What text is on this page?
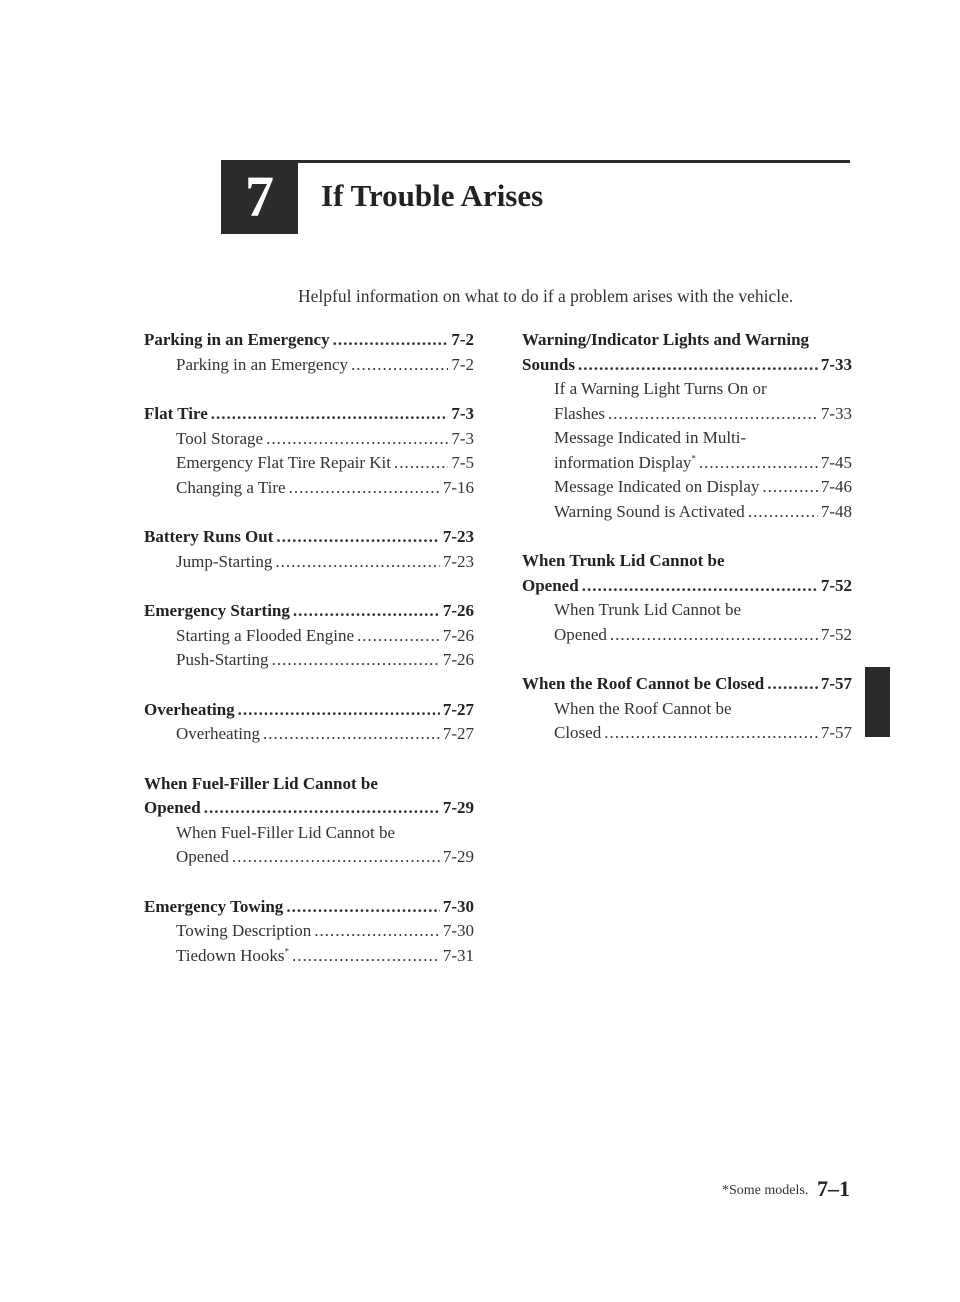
7 If Trouble Arises
Helpful information on what to do if a problem arises with the vehicle.
Parking in an Emergency .....	7-2
Parking in an Emergency .....	7-2
Flat Tire .....	7-3
Tool Storage .....	7-3
Emergency Flat Tire Repair Kit .....	7-5
Changing a Tire .....	7-16
Battery Runs Out .....	7-23
Jump-Starting .....	7-23
Emergency Starting .....	7-26
Starting a Flooded Engine .....	7-26
Push-Starting .....	7-26
Overheating .....	7-27
Overheating .....	7-27
When Fuel-Filler Lid Cannot be
Opened .....	7-29
When Fuel-Filler Lid Cannot be
Opened .....	7-29
Emergency Towing .....	7-30
Towing Description .....	7-30
Tiedown Hooks* .....	7-31
Warning/Indicator Lights and Warning
Sounds .....	7-33
If a Warning Light Turns On or
Flashes .....	7-33
Message Indicated in Multi-
information Display* .....	7-45
Message Indicated on Display .....	7-46
Warning Sound is Activated .....	7-48
When Trunk Lid Cannot be
Opened .....	7-52
When Trunk Lid Cannot be
Opened .....	7-52
When the Roof Cannot be Closed .....	7-57
When the Roof Cannot be
Closed .....	7-57
*Some models. 7–1
